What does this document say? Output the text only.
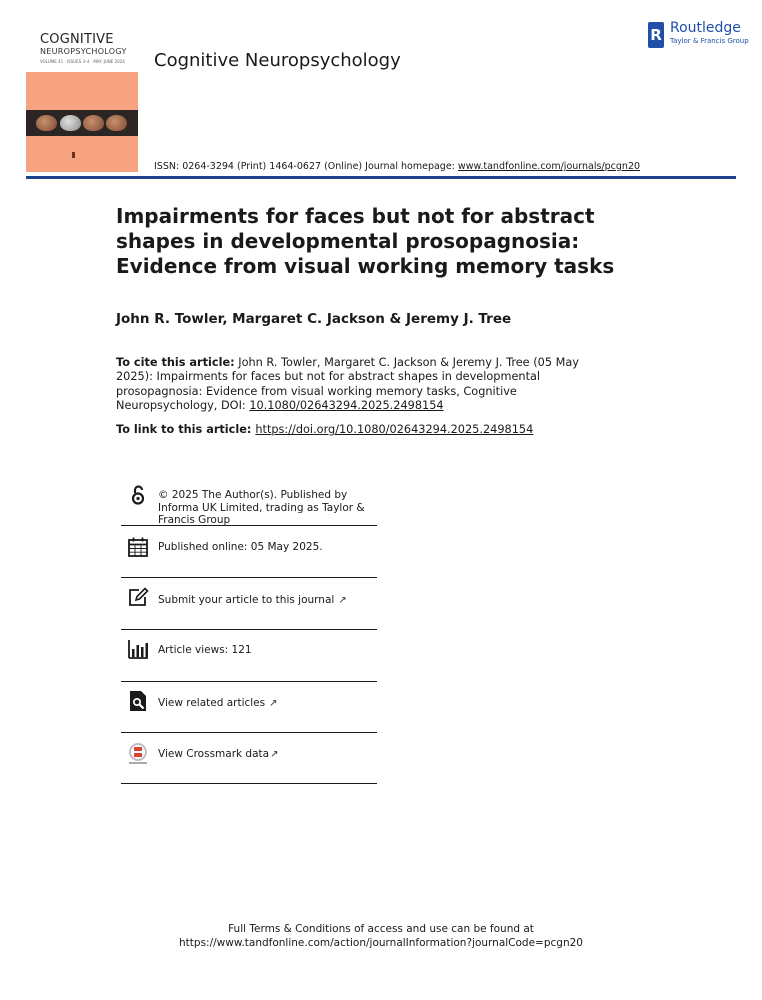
COGNITIVE
NEUROPSYCHOLOGY
VOLUME 41 · ISSUES 3–4 · MAY–JUNE 2024 Cognitive Neuropsychology
R Routledge
Taylor & Francis Group
ISSN: 0264-3294 (Print) 1464-0627 (Online) Journal homepage: www.tandfonline.com/journals/pcgn20
Impairments for faces but not for abstract shapes in developmental prosopagnosia: Evidence from visual working memory tasks
John R. Towler, Margaret C. Jackson & Jeremy J. Tree
To cite this article: John R. Towler, Margaret C. Jackson & Jeremy J. Tree (05 May 2025): Impairments for faces but not for abstract shapes in developmental prosopagnosia: Evidence from visual working memory tasks, Cognitive Neuropsychology, DOI: 10.1080/02643294.2025.2498154
To link to this article: https://doi.org/10.1080/02643294.2025.2498154
© 2025 The Author(s). Published by Informa UK Limited, trading as Taylor & Francis Group
Published online: 05 May 2025.
Submit your article to this journal ↗
Article views: 121
View related articles ↗
View Crossmark data↗
Full Terms & Conditions of access and use can be found at
https://www.tandfonline.com/action/journalInformation?journalCode=pcgn20
